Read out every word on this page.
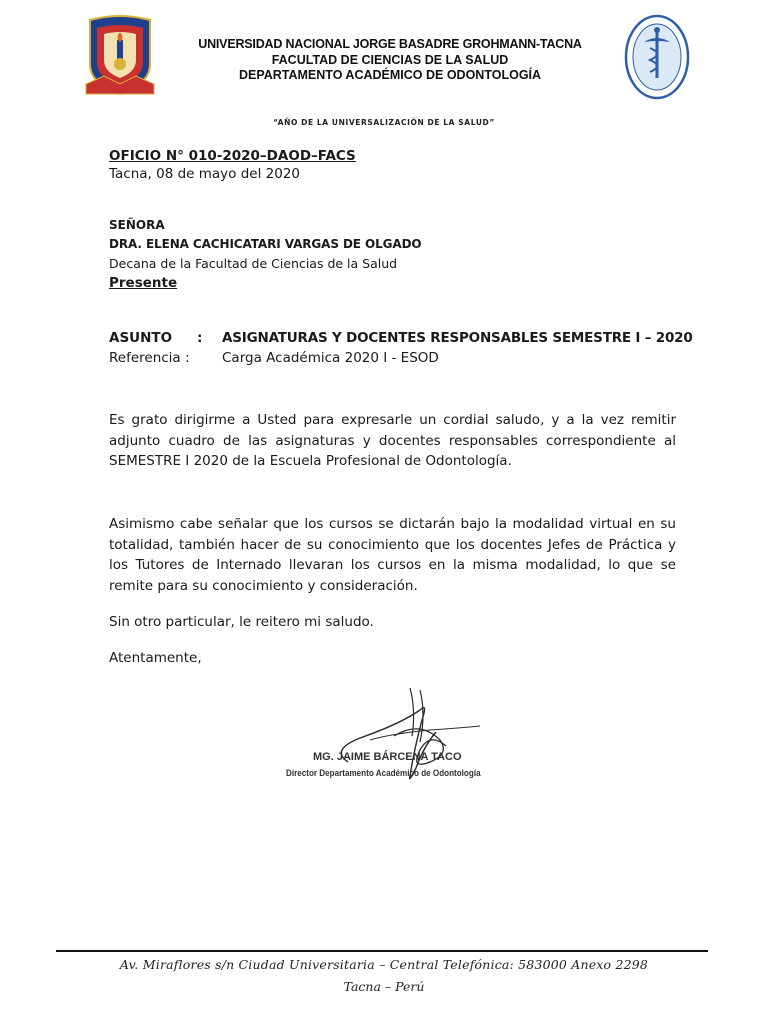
UNIVERSIDAD NACIONAL JORGE BASADRE GROHMANN-TACNA
FACULTAD DE CIENCIAS DE LA SALUD
DEPARTAMENTO ACADÉMICO DE ODONTOLOGÍA
“AÑO DE LA UNIVERSALIZACIÓN DE LA SALUD”
OFICIO N° 010-2020–DAOD–FACS
Tacna, 08 de mayo del 2020
SEÑORA
DRA. ELENA CACHICATARI VARGAS DE OLGADO
Decana de la Facultad de Ciencias de la Salud
Presente
ASUNTO : ASIGNATURAS Y DOCENTES RESPONSABLES SEMESTRE I – 2020
Referencia : Carga Académica 2020 I - ESOD
Es grato dirigirme a Usted para expresarle un cordial saludo, y a la vez remitir adjunto cuadro de las asignaturas y docentes responsables correspondiente al SEMESTRE I 2020 de la Escuela Profesional de Odontología.
Asimismo cabe señalar que los cursos se dictarán bajo la modalidad virtual en su totalidad, también hacer de su conocimiento que los docentes Jefes de Práctica y los Tutores de Internado llevaran los cursos en la misma modalidad, lo que se remite para su conocimiento y consideración.
Sin otro particular, le reitero mi saludo.
Atentamente,
MG. JAIME BÁRCENA TACO
Director Departamento Académico de Odontología
Av. Miraflores s/n Ciudad Universitaria – Central Telefónica: 583000 Anexo 2298
Tacna – Perú
